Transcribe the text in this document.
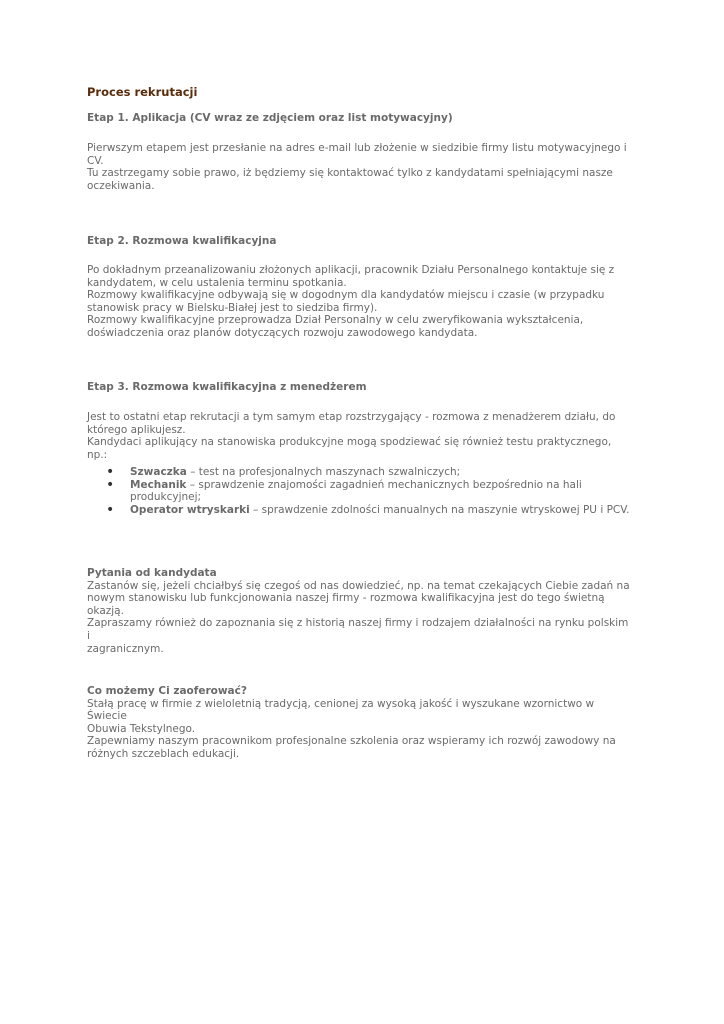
Proces rekrutacji
Etap 1. Aplikacja (CV wraz ze zdjęciem oraz list motywacyjny)
Pierwszym etapem jest przesłanie na adres e-mail lub złożenie w siedzibie firmy listu motywacyjnego i
CV.
Tu zastrzegamy sobie prawo, iż będziemy się kontaktować tylko z kandydatami spełniającymi nasze
oczekiwania.
Etap 2. Rozmowa kwalifikacyjna
Po dokładnym przeanalizowaniu złożonych aplikacji, pracownik Działu Personalnego kontaktuje się z
kandydatem, w celu ustalenia terminu spotkania.
Rozmowy kwalifikacyjne odbywają się w dogodnym dla kandydatów miejscu i czasie (w przypadku
stanowisk pracy w Bielsku-Białej jest to siedziba firmy).
Rozmowy kwalifikacyjne przeprowadza Dział Personalny w celu zweryfikowania wykształcenia,
doświadczenia oraz planów dotyczących rozwoju zawodowego kandydata.
Etap 3. Rozmowa kwalifikacyjna z menedżerem
Jest to ostatni etap rekrutacji a tym samym etap rozstrzygający - rozmowa z menadżerem działu, do
którego aplikujesz.
Kandydaci aplikujący na stanowiska produkcyjne mogą spodziewać się również testu praktycznego, np.:
• Szwaczka – test na profesjonalnych maszynach szwalniczych;
• Mechanik – sprawdzenie znajomości zagadnień mechanicznych bezpośrednio na hali
produkcyjnej;
• Operator wtryskarki – sprawdzenie zdolności manualnych na maszynie wtryskowej PU i PCV.
Pytania od kandydata
Zastanów się, jeżeli chciałbyś się czegoś od nas dowiedzieć, np. na temat czekających Ciebie zadań na
nowym stanowisku lub funkcjonowania naszej firmy - rozmowa kwalifikacyjna jest do tego świetną
okazją.
Zapraszamy również do zapoznania się z historią naszej firmy i rodzajem działalności na rynku polskim i
zagranicznym.
Co możemy Ci zaoferować?
Stałą pracę w firmie z wieloletnią tradycją, cenionej za wysoką jakość i wyszukane wzornictwo w Świecie
Obuwia Tekstylnego.
Zapewniamy naszym pracownikom profesjonalne szkolenia oraz wspieramy ich rozwój zawodowy na
różnych szczeblach edukacji.
